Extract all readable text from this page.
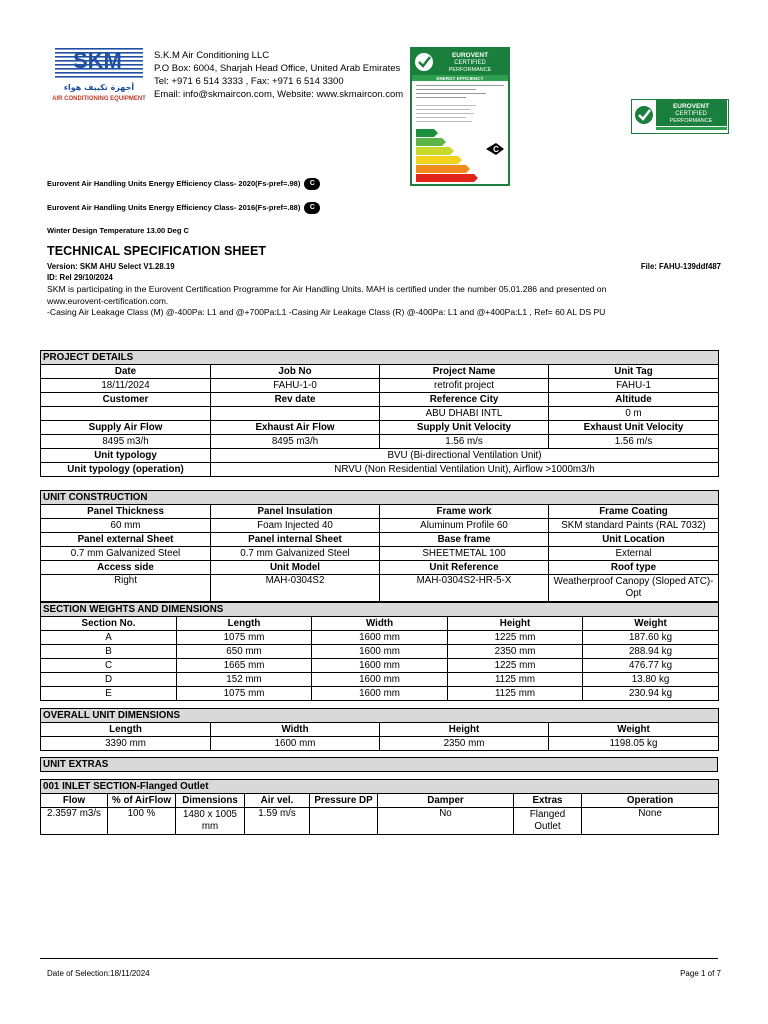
SKM
أجهزة تكييف هواء
AIR CONDITIONING EQUIPMENT
S.K.M Air Conditioning LLC
P.O Box: 6004, Sharjah Head Office, United Arab Emirates
Tel: +971 6 514 3333 , Fax: +971 6 514 3300
Email: info@skmaircon.com, Website: www.skmaircon.com
EUROVENT
CERTIFIED
PERFORMANCE
ENERGY EFFICIENCY
C
EUROVENT
CERTIFIED
PERFORMANCE
Eurovent Air Handling Units Energy Efficiency Class- 2020(Fs-pref=.98) C
Eurovent Air Handling Units Energy Efficiency Class- 2016(Fs-pref=.88) C
Winter Design Temperature 13.00 Deg C
TECHNICAL SPECIFICATION SHEET
Version: SKM AHU Select V1.28.19
ID: Rel 29/10/2024
File: FAHU-139ddf487
SKM is participating in the Eurovent Certification Programme for Air Handling Units. MAH is certified under the number 05.01.286 and presented on
www.eurovent-certification.com.
-Casing Air Leakage Class (M) @-400Pa: L1 and @+700Pa:L1 -Casing Air Leakage Class (R) @-400Pa: L1 and @+400Pa:L1 , Ref= 60 AL DS PU
PROJECT DETAILS			
Date	Job No	Project Name	Unit Tag
18/11/2024	FAHU-1-0	retrofit project	FAHU-1
Customer	Rev date	Reference City	Altitude
		ABU DHABI INTL	0 m
Supply Air Flow	Exhaust Air Flow	Supply Unit Velocity	Exhaust Unit Velocity
8495 m3/h	8495 m3/h	1.56 m/s	1.56 m/s
Unit typology	BVU (Bi-directional Ventilation Unit)		
Unit typology (operation)	NRVU (Non Residential Ventilation Unit), Airflow >1000m3/h		

UNIT CONSTRUCTION			
Panel Thickness	Panel Insulation	Frame work	Frame Coating
60 mm	Foam Injected 40	Aluminum Profile 60	SKM standard Paints (RAL 7032)
Panel external Sheet	Panel internal Sheet	Base frame	Unit Location
0.7 mm Galvanized Steel	0.7 mm Galvanized Steel	SHEETMETAL 100	External
Access side	Unit Model	Unit Reference	Roof type
Right	MAH-0304S2	MAH-0304S2-HR-5-X	Weatherproof Canopy (Sloped ATC)-Opt
SECTION WEIGHTS AND DIMENSIONS				
Section No.	Length	Width	Height	Weight
A	1075 mm	1600 mm	1225 mm	187.60 kg
B	650 mm	1600 mm	2350 mm	288.94 kg
C	1665 mm	1600 mm	1225 mm	476.77 kg
D	152 mm	1600 mm	1125 mm	13.80 kg
E	1075 mm	1600 mm	1125 mm	230.94 kg
OVERALL UNIT DIMENSIONS			
Length	Width	Height	Weight
3390 mm	1600 mm	2350 mm	1198.05 kg
UNIT EXTRAS
001 INLET SECTION-Flanged Outlet							
Flow	% of AirFlow	Dimensions	Air vel.	Pressure DP	Damper	Extras	Operation
2.3597 m3/s	100 %	1480 x 1005 mm	1.59 m/s		No	Flanged Outlet	None
Date of Selection:18/11/2024	Page 1 of 7
